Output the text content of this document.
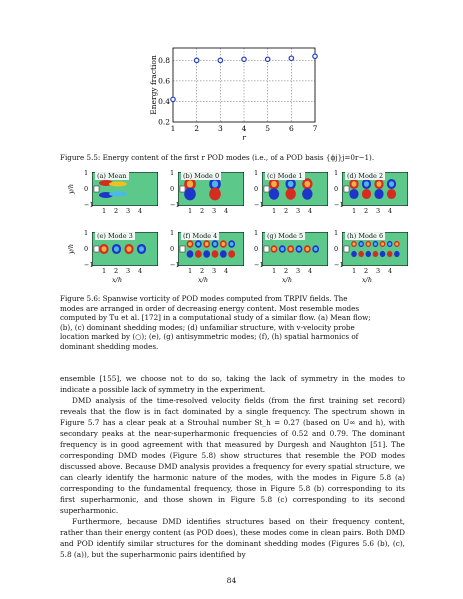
1	2	3	4	5	6	7
0.2
0.4
0.6
0.8
r
Energy fraction
Figure 5.5: Energy content of the first r POD modes (i.e., of a POD basis {ϕj}j=0r−1).
(a) Mean
1
0
−1
1 2 3 4
y/h
(b) Mode 0
1
0
−1
1 2 3 4
(c) Mode 1
1
0
−1
1 2 3 4
(d) Mode 2
1
0
−1
1 2 3 4
(e) Mode 3
1
0
−1
1 2 3 4
x/h
y/h
(f) Mode 4
1
0
−1
1 2 3 4
x/h
(g) Mode 5
1
0
−1
1 2 3 4
x/h
(h) Mode 6
1
0
−1
1 2 3 4
x/h
Figure 5.6: Spanwise vorticity of POD modes computed from TRPIV fields. The
modes are arranged in order of decreasing energy content. Most resemble modes
computed by Tu et al. [172] in a computational study of a similar flow. (a) Mean flow;
(b), (c) dominant shedding modes; (d) unfamiliar structure, with v-velocity probe
location marked by (○); (e), (g) antisymmetric modes; (f), (h) spatial harmonics of
dominant shedding modes.

ensemble [155], we choose not to do so, taking the lack of symmetry in the modes to indicate a possible lack of symmetry in the experiment.

DMD analysis of the time-resolved velocity fields (from the first training set record) reveals that the flow is in fact dominated by a single frequency. The spectrum shown in Figure 5.7 has a clear peak at a Strouhal number St_h = 0.27 (based on U∞ and h), with secondary peaks at the near-superharmonic frequencies of 0.52 and 0.79. The dominant frequency is in good agreement with that measured by Durgesh and Naughton [51]. The corresponding DMD modes (Figure 5.8) show structures that resemble the POD modes discussed above. Because DMD analysis provides a frequency for every spatial structure, we can clearly identify the harmonic nature of the modes, with the modes in Figure 5.8 (a) corresponding to the fundamental frequency, those in Figure 5.8 (b) corresponding to its first superharmonic, and those shown in Figure 5.8 (c) corresponding to its second superharmonic.

Furthermore, because DMD identifies structures based on their frequency content, rather than their energy content (as POD does), these modes come in clean pairs. Both DMD and POD identify similar structures for the dominant shedding modes (Figures 5.6 (b), (c), 5.8 (a)), but the superharmonic pairs identified by

84
